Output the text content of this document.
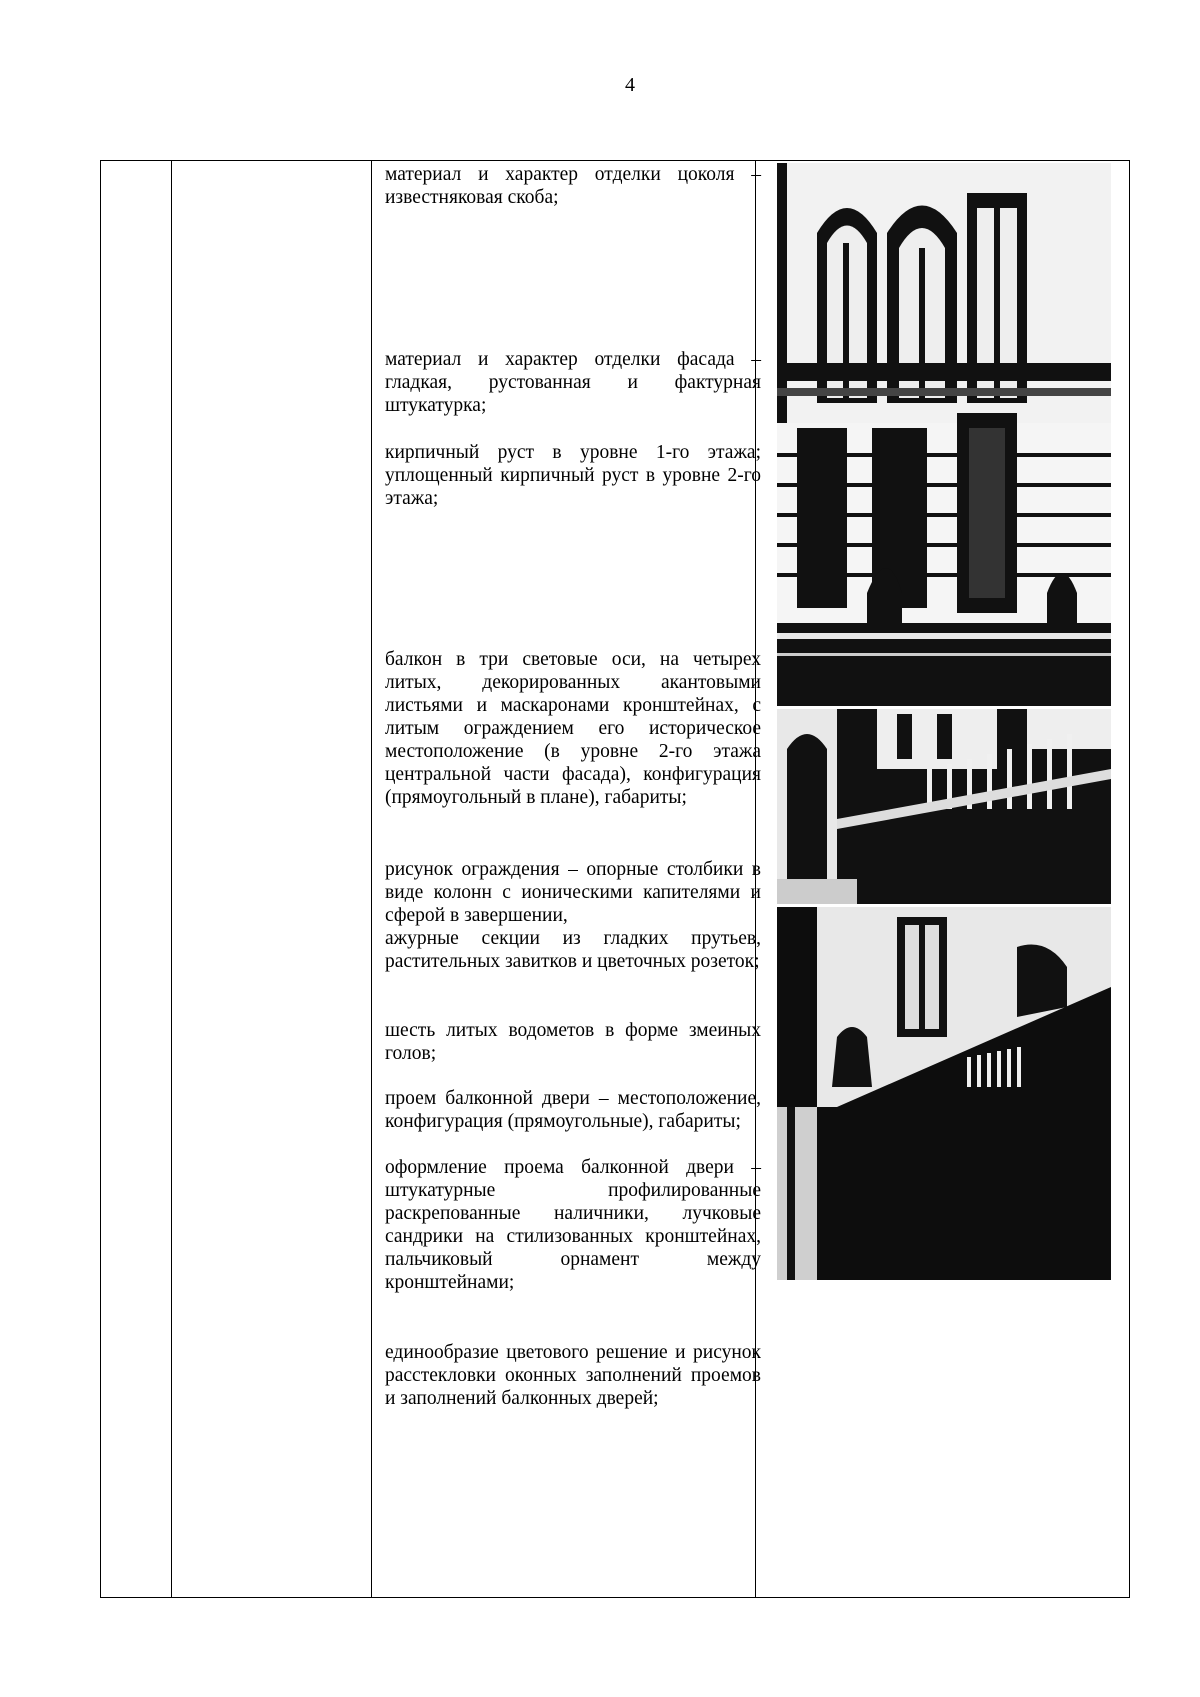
4

материал и характер отделки цоколя – известняковая скоба;

материал и характер отделки фасада – гладкая, рустованная и фактурная штукатурка;

кирпичный руст в уровне 1-го этажа; уплощенный кирпичный руст в уровне 2-го этажа;

балкон в три световые оси, на четырех литых, декорированных акантовыми листьями и маскаронами кронштейнах, с литым ограждением его историческое местоположение (в уровне 2-го этажа центральной части фасада), конфигурация (прямоугольный в плане), габариты;

рисунок ограждения – опорные столбики в виде колонн с ионическими капителями и сферой в завершении,

ажурные секции из гладких прутьев, растительных завитков и цветочных розеток;

шесть литых водометов в форме змеиных голов;

проем балконной двери – местоположение, конфигурация (прямоугольные), габариты;

оформление проема балконной двери – штукатурные профилированные раскрепованные наличники, лучковые сандрики на стилизованных кронштейнах, пальчиковый орнамент между кронштейнами;

единообразие цветового решение и рисунок расстекловки оконных заполнений проемов и заполнений балконных дверей;
